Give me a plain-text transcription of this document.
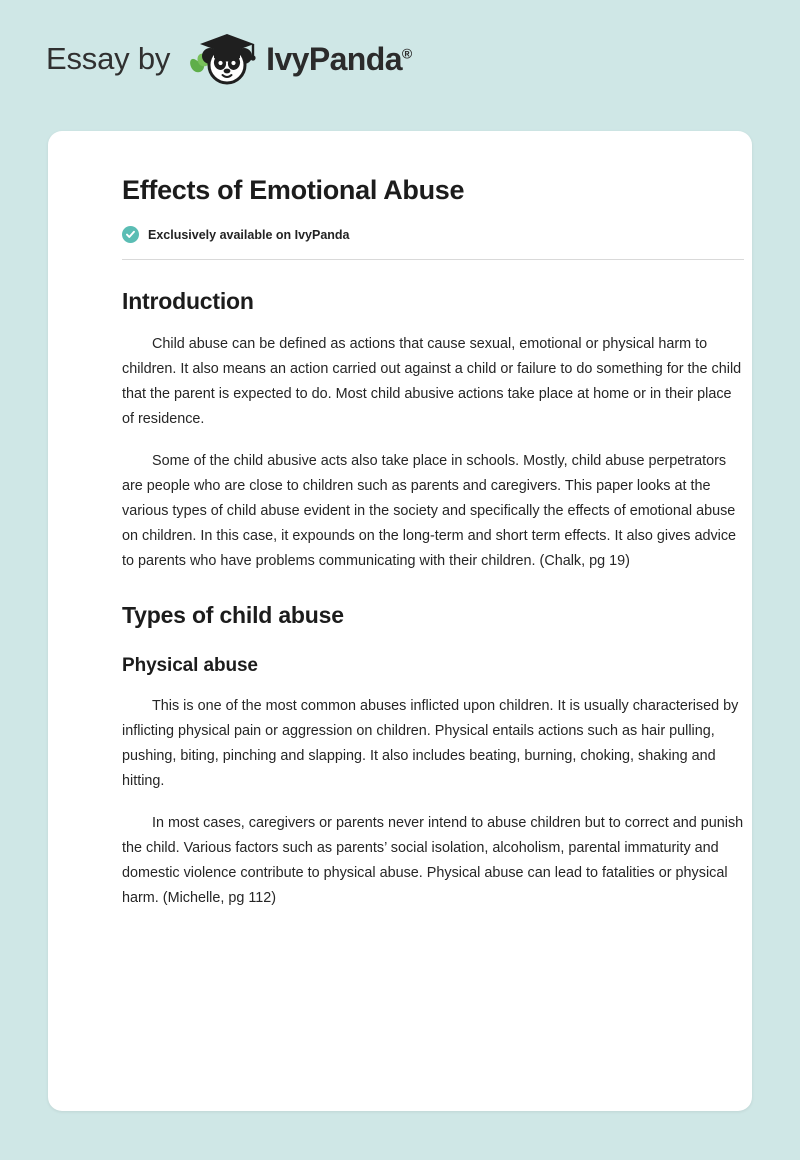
Essay by	IvyPanda®
Effects of Emotional Abuse
Exclusively available on IvyPanda
Introduction

Child abuse can be defined as actions that cause sexual, emotional or physical harm to children. It also means an action carried out against a child or failure to do something for the child that the parent is expected to do. Most child abusive actions take place at home or in their place of residence.

Some of the child abusive acts also take place in schools. Mostly, child abuse perpetrators are people who are close to children such as parents and caregivers. This paper looks at the various types of child abuse evident in the society and specifically the effects of emotional abuse on children. In this case, it expounds on the long-term and short term effects. It also gives advice to parents who have problems communicating with their children. (Chalk, pg 19)

Types of child abuse
Physical abuse

This is one of the most common abuses inflicted upon children. It is usually characterised by inflicting physical pain or aggression on children. Physical entails actions such as hair pulling, pushing, biting, pinching and slapping. It also includes beating, burning, choking, shaking and hitting.

In most cases, caregivers or parents never intend to abuse children but to correct and punish the child. Various factors such as parents’ social isolation, alcoholism, parental immaturity and domestic violence contribute to physical abuse. Physical abuse can lead to fatalities or physical harm. (Michelle, pg 112)
